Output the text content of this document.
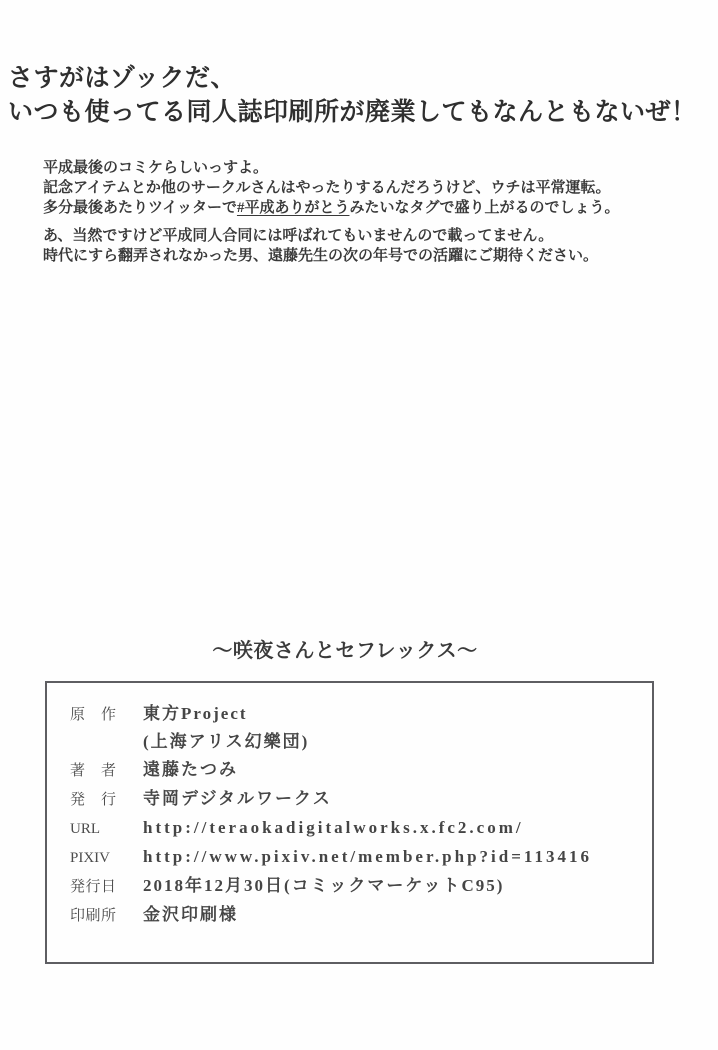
さすがはゾックだ、
いつも使ってる同人誌印刷所が廃業してもなんともないぜ！
平成最後のコミケらしいっすよ。
記念アイテムとか他のサークルさんはやったりするんだろうけど、ウチは平常運転。
多分最後あたりツイッターで#平成ありがとうみたいなタグで盛り上がるのでしょう。
あ、当然ですけど平成同人合同には呼ばれてもいませんので載ってません。
時代にすら翻弄されなかった男、遠藤先生の次の年号での活躍にご期待ください。
～咲夜さんとセフレックス～
原作 東方Project
(上海アリス幻樂団)
著者 遠藤たつみ
発行 寺岡デジタルワークス
URL	http://teraokadigitalworks.x.fc2.com/
PIXIV	http://www.pixiv.net/member.php?id=113416
発行日 2018年12月30日(コミックマーケットC95)
印刷所 金沢印刷様
